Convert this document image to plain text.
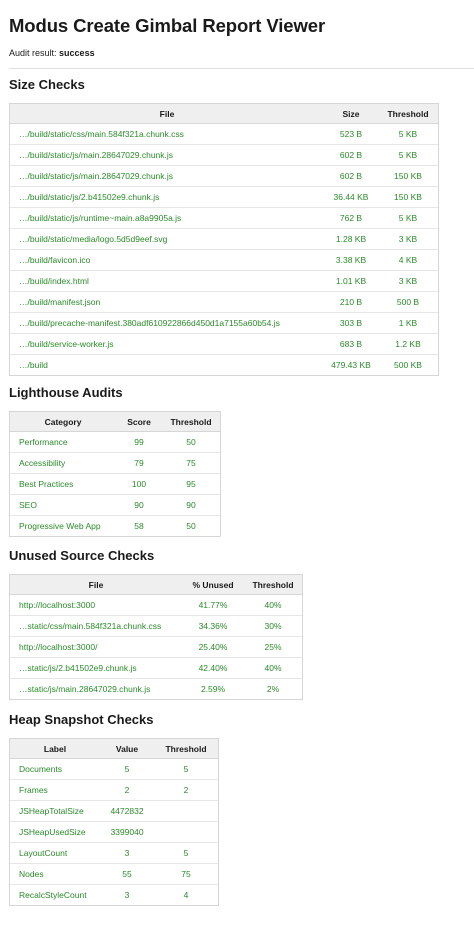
Modus Create Gimbal Report Viewer
Audit result: success
Size Checks
File	Size	Threshold
…/build/static/css/main.584f321a.chunk.css	523 B	5 KB
…/build/static/js/main.28647029.chunk.js	602 B	5 KB
…/build/static/js/main.28647029.chunk.js	602 B	150 KB
…/build/static/js/2.b41502e9.chunk.js	36.44 KB	150 KB
…/build/static/js/runtime~main.a8a9905a.js	762 B	5 KB
…/build/static/media/logo.5d5d9eef.svg	1.28 KB	3 KB
…/build/favicon.ico	3.38 KB	4 KB
…/build/index.html	1.01 KB	3 KB
…/build/manifest.json	210 B	500 B
…/build/precache-manifest.380adf610922866d450d1a7155a60b54.js	303 B	1 KB
…/build/service-worker.js	683 B	1.2 KB
…/build	479.43 KB	500 KB
Lighthouse Audits
Category	Score	Threshold
Performance	99	50
Accessibility	79	75
Best Practices	100	95
SEO	90	90
Progressive Web App	58	50
Unused Source Checks
File	% Unused	Threshold
http://localhost:3000	41.77%	40%
…static/css/main.584f321a.chunk.css	34.36%	30%
http://localhost:3000/	25.40%	25%
…static/js/2.b41502e9.chunk.js	42.40%	40%
…static/js/main.28647029.chunk.js	2.59%	2%
Heap Snapshot Checks
Label	Value	Threshold
Documents	5	5
Frames	2	2
JSHeapTotalSize	4472832	
JSHeapUsedSize	3399040	
LayoutCount	3	5
Nodes	55	75
RecalcStyleCount	3	4
